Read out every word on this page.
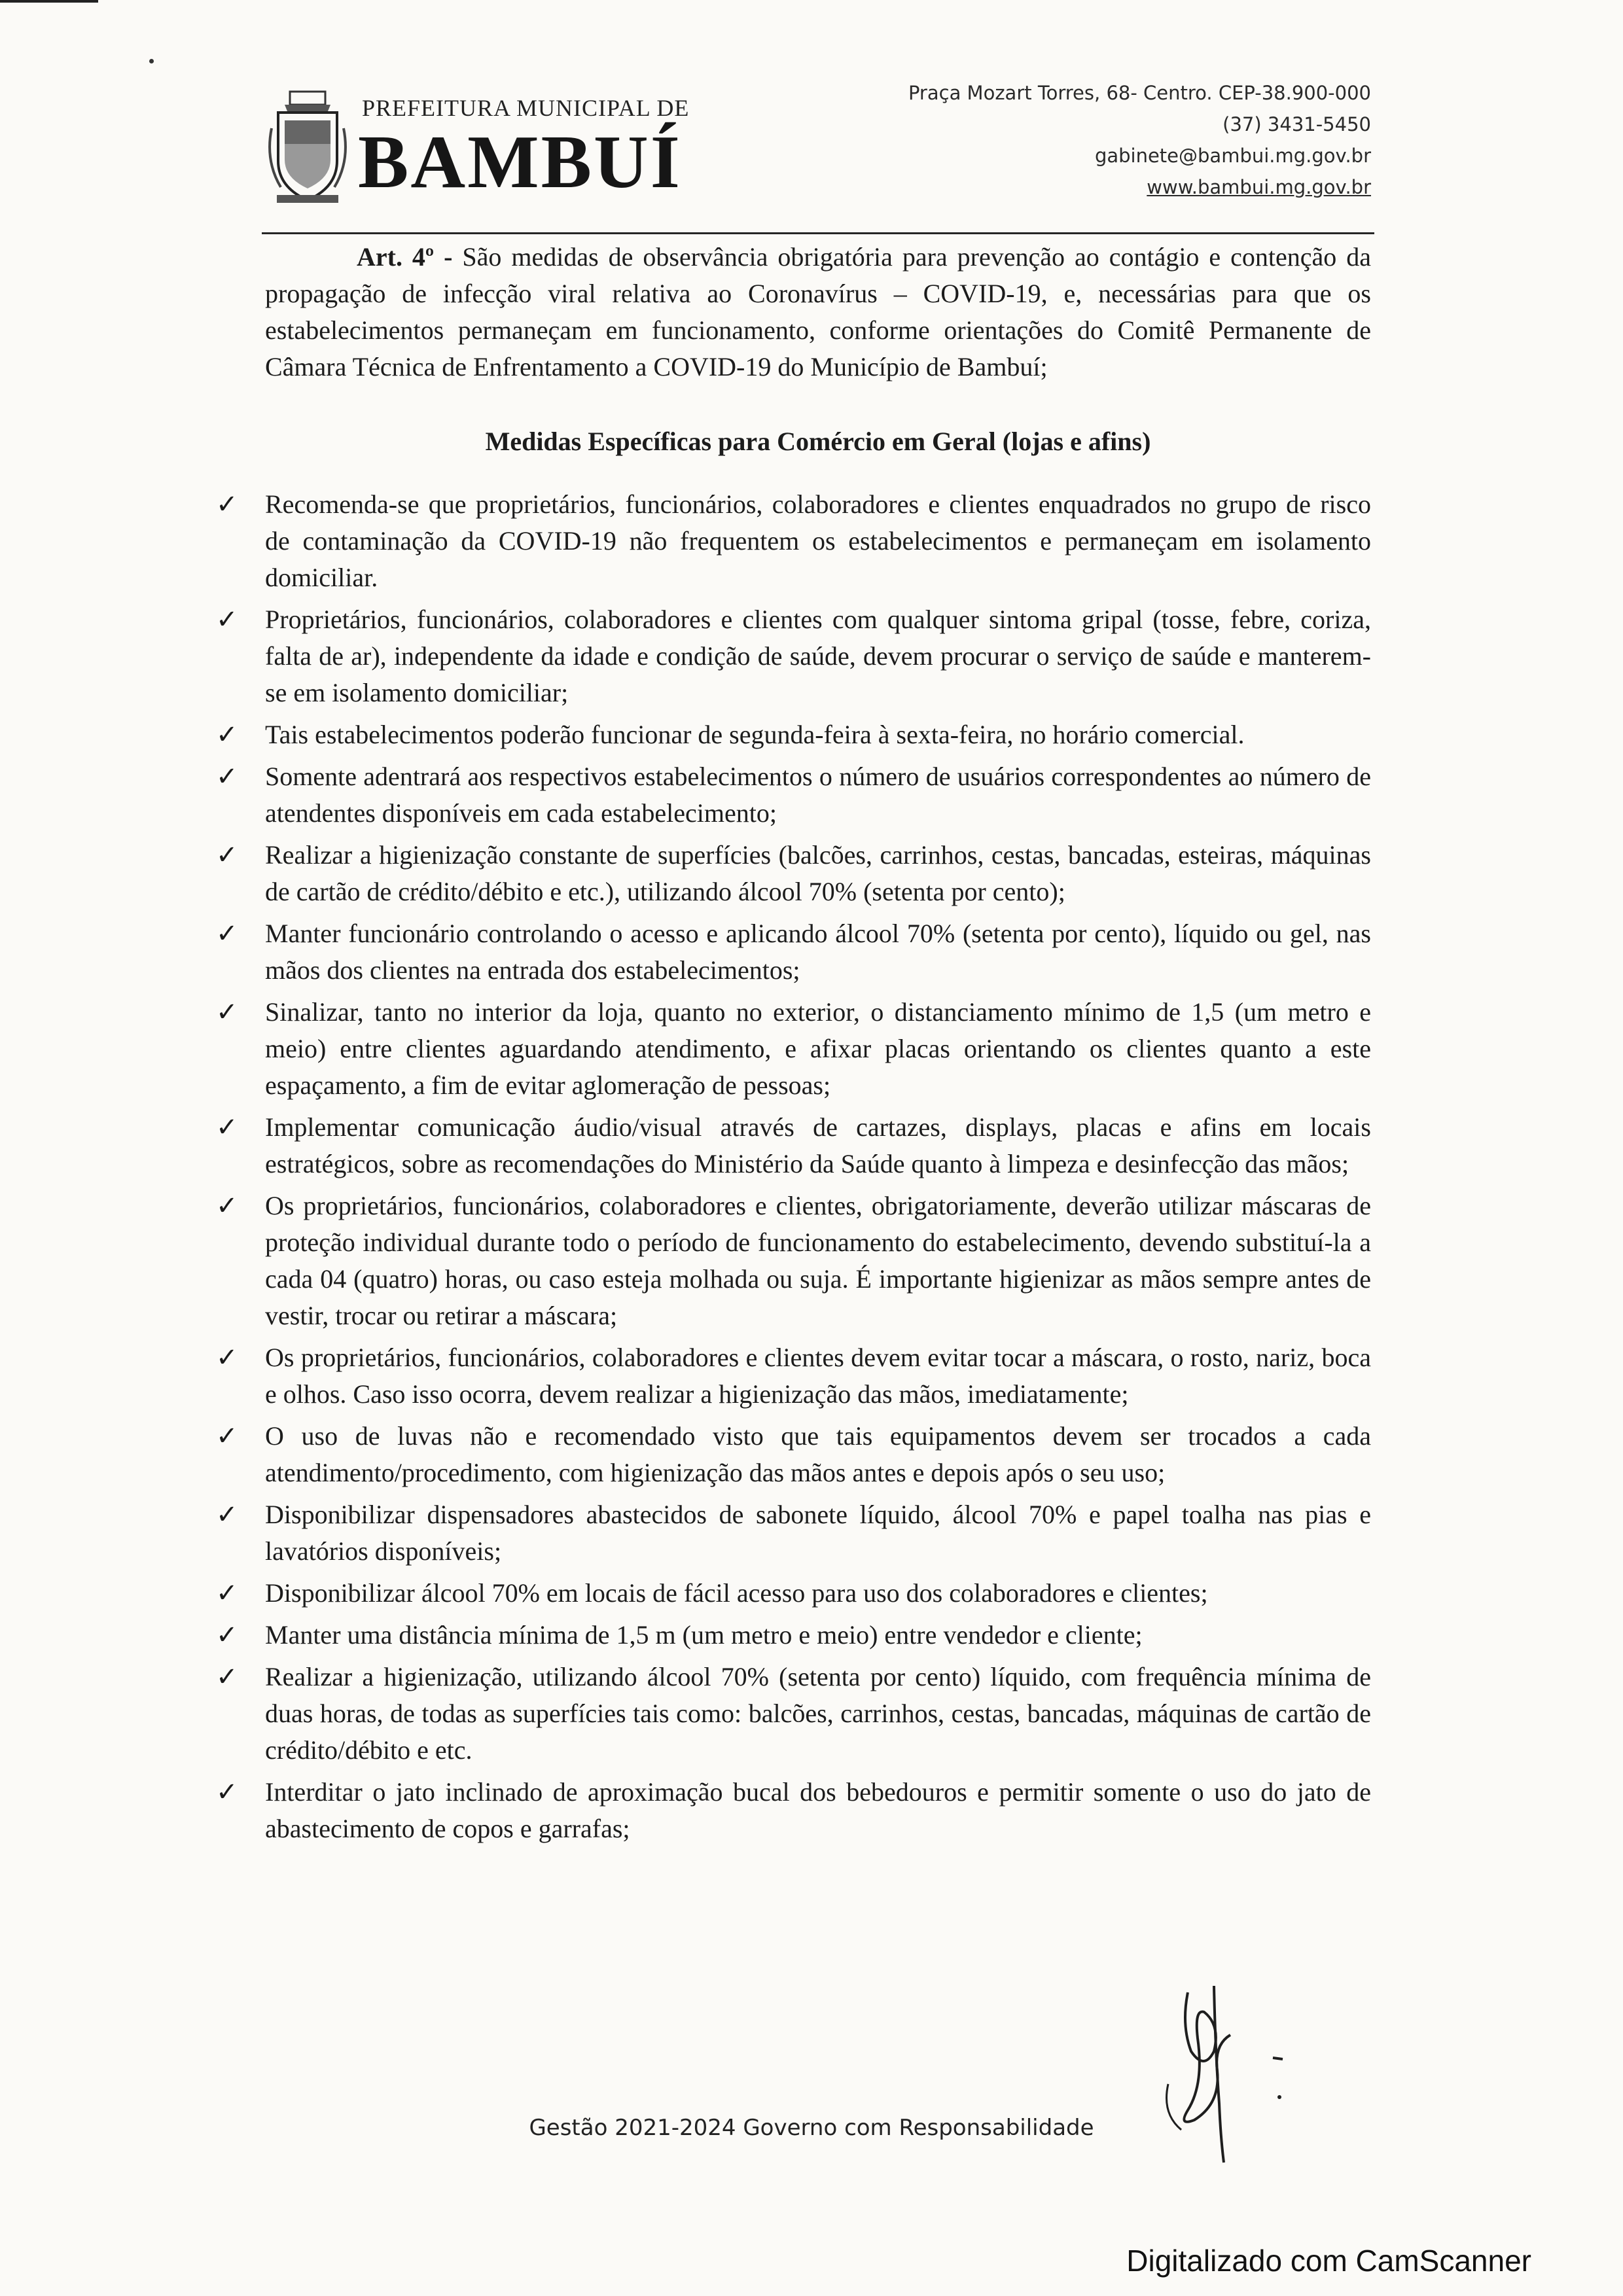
PREFEITURA MUNICIPAL DE
BAMBUÍ
Praça Mozart Torres, 68- Centro. CEP-38.900-000
(37) 3431-5450
gabinete@bambui.mg.gov.br
www.bambui.mg.gov.br

Art. 4º - São medidas de observância obrigatória para prevenção ao contágio e contenção da propagação de infecção viral relativa ao Coronavírus – COVID-19, e, necessárias para que os estabelecimentos permaneçam em funcionamento, conforme orientações do Comitê Permanente de Câmara Técnica de Enfrentamento a COVID-19 do Município de Bambuí;

Medidas Específicas para Comércio em Geral (lojas e afins)
✓ Recomenda-se que proprietários, funcionários, colaboradores e clientes enquadrados no grupo de risco de contaminação da COVID-19 não frequentem os estabelecimentos e permaneçam em isolamento domiciliar.
✓ Proprietários, funcionários, colaboradores e clientes com qualquer sintoma gripal (tosse, febre, coriza, falta de ar), independente da idade e condição de saúde, devem procurar o serviço de saúde e manterem-se em isolamento domiciliar;
✓ Tais estabelecimentos poderão funcionar de segunda-feira à sexta-feira, no horário comercial.
✓ Somente adentrará aos respectivos estabelecimentos o número de usuários correspondentes ao número de atendentes disponíveis em cada estabelecimento;
✓ Realizar a higienização constante de superfícies (balcões, carrinhos, cestas, bancadas, esteiras, máquinas de cartão de crédito/débito e etc.), utilizando álcool 70% (setenta por cento);
✓ Manter funcionário controlando o acesso e aplicando álcool 70% (setenta por cento), líquido ou gel, nas mãos dos clientes na entrada dos estabelecimentos;
✓ Sinalizar, tanto no interior da loja, quanto no exterior, o distanciamento mínimo de 1,5 (um metro e meio) entre clientes aguardando atendimento, e afixar placas orientando os clientes quanto a este espaçamento, a fim de evitar aglomeração de pessoas;
✓ Implementar comunicação áudio/visual através de cartazes, displays, placas e afins em locais estratégicos, sobre as recomendações do Ministério da Saúde quanto à limpeza e desinfecção das mãos;
✓ Os proprietários, funcionários, colaboradores e clientes, obrigatoriamente, deverão utilizar máscaras de proteção individual durante todo o período de funcionamento do estabelecimento, devendo substituí-la a cada 04 (quatro) horas, ou caso esteja molhada ou suja. É importante higienizar as mãos sempre antes de vestir, trocar ou retirar a máscara;
✓ Os proprietários, funcionários, colaboradores e clientes devem evitar tocar a máscara, o rosto, nariz, boca e olhos. Caso isso ocorra, devem realizar a higienização das mãos, imediatamente;
✓ O uso de luvas não e recomendado visto que tais equipamentos devem ser trocados a cada atendimento/procedimento, com higienização das mãos antes e depois após o seu uso;
✓ Disponibilizar dispensadores abastecidos de sabonete líquido, álcool 70% e papel toalha nas pias e lavatórios disponíveis;
✓ Disponibilizar álcool 70% em locais de fácil acesso para uso dos colaboradores e clientes;
✓ Manter uma distância mínima de 1,5 m (um metro e meio) entre vendedor e cliente;
✓ Realizar a higienização, utilizando álcool 70% (setenta por cento) líquido, com frequência mínima de duas horas, de todas as superfícies tais como: balcões, carrinhos, cestas, bancadas, máquinas de cartão de crédito/débito e etc.
✓ Interditar o jato inclinado de aproximação bucal dos bebedouros e permitir somente o uso do jato de abastecimento de copos e garrafas;
Gestão 2021-2024 Governo com Responsabilidade
Digitalizado com CamScanner
